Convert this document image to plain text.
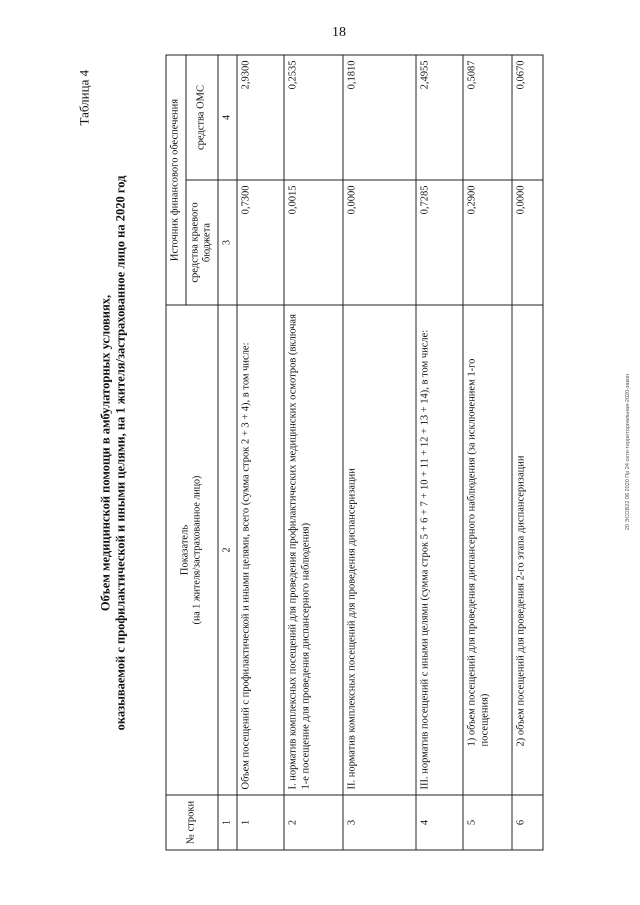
18
20 ЭСОВ22 06 2020 Пр 24 сети-территориальная-2020-закон
Таблица 4
Объем медицинской помощи в амбулаторных условиях, оказываемой с профилактической и иными целями, на 1 жителя/застрахованное лицо на 2020 год
№ строки	Показатель (на 1 жителя/застрахованное лицо)	Источник финансового обеспечения	
		средства краевого бюджета	средства ОМС
1	2	3	4
1	Объем посещений с профилактической и иными целями, всего (сумма строк 2 + 3 + 4), в том числе:	0,7300	2,9300
2	I. норматив комплексных посещений для проведения профилактических медицинских осмотров (включая 1-е посещение для проведения диспансерного наблюдения)	0,0015	0,2535
3	II. норматив комплексных посещений для проведения диспансеризации	0,0000	0,1810
4	III. норматив посещений с иными целями (сумма строк 5 + 6 + 7 + 10 + 11 + 12 + 13 + 14), в том числе:	0,7285	2,4955
5	1) объем посещений для проведения диспансерного наблюдения (за исключением 1-го посещения)	0,2900	0,5087
6	2) объем посещений для проведения 2-го этапа диспансеризации	0,0000	0,0670
